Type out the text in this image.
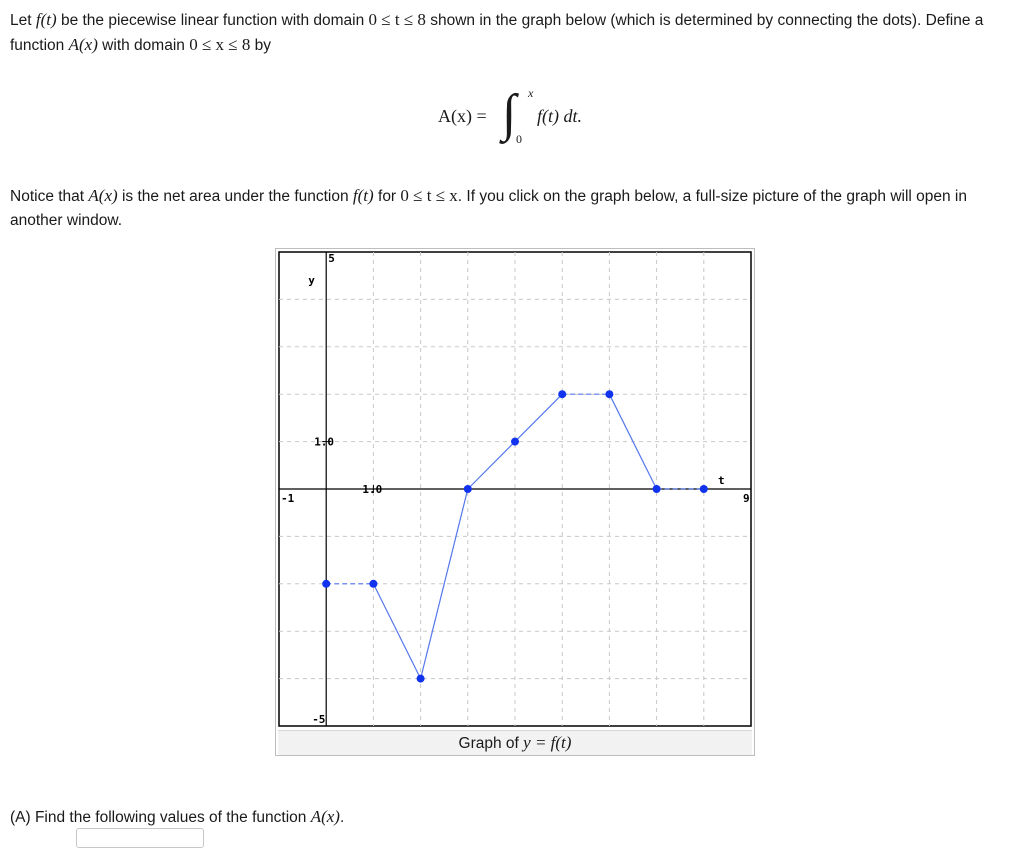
Let f(t) be the piecewise linear function with domain 0 ≤ t ≤ 8 shown in the graph below (which is determined by connecting the dots). Define a function A(x) with domain 0 ≤ x ≤ 8 by

A(x) = ∫ x
0
f(t) dt.

Notice that A(x) is the net area under the function f(t) for 0 ≤ t ≤ x. If you click on the graph below, a full-size picture of the graph will open in another window.

5
-5
-1	9
1.0
1.0
y
t
Graph of y = f(t)

(A) Find the following values of the function A(x).
